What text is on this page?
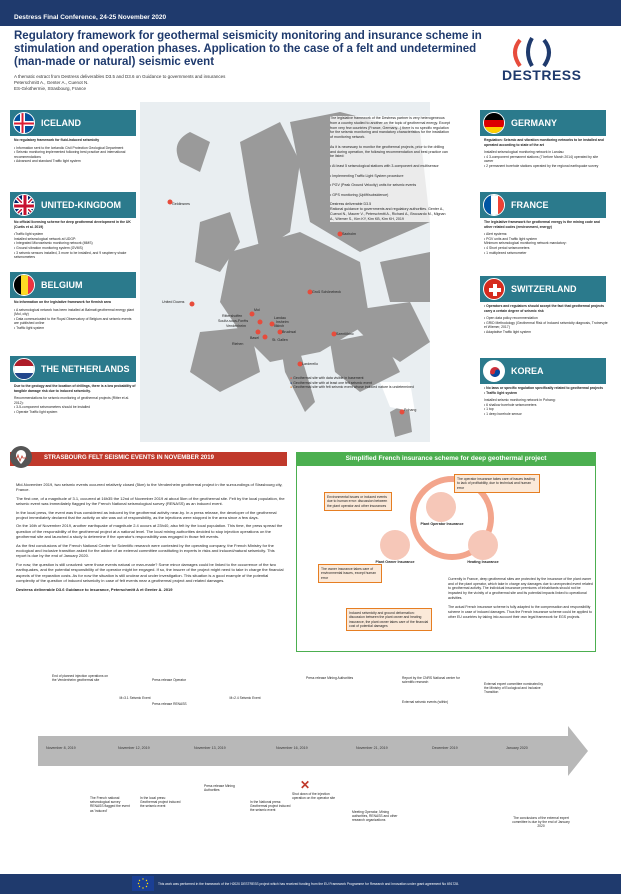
Destress Final Conference, 24-25 November 2020
Regulatory framework for geothermal seismicity monitoring and insurance scheme in stimulation and operation phases. Application to the case of a felt and undetermined (man-made or natural) seismic event
A thematic extract from Destress deliverables D3.5 and D3.6 on Guidance to governments and insurances
Peterschmitt A., Genter A., Cuenot N.
ES-Géothermie, Strasbourg, France
DESTRESS
ICELAND
No regulatory framework for fluid-induced seismicity
• Information sent to the Icelandic Civil Protection Geological Department
• Seismic monitoring implemented following best practice and international recommendations
• Advanced and standard Traffic light system
UNITED-KINGDOM
No official licensing scheme for deep geothermal development in the UK (Curtis et al. 2019)
•Traffic light system
Installed seismological network at UDGP:
• Integrated Microseismic monitoring network (MMS)
• Ground vibration monitoring system (GVMS)
• 3 seismic sensors installed, 3 more to be installed, and 9 raspberry shake seismometers
BELGIUM
No information on the legislative framework for flemish area
• A seismological network has been installed at Balmatt geothermal energy plant (Mol, city)
• Data communicated to the Royal Observatory of Belgium and seismic events are published online
• Traffic light system
THE NETHERLANDS
Due to the geology and the location of drillings, there is a low probability of tangible damage risk due to induced seismicity.
Recommendations for seismic monitoring of geothermal projects (Ritter et al. 2012):
• 3-5-component seismometers should be installed
• Operate Traffic light system
GERMANY
Regulation: Seismic and vibration monitoring networks to be installed and operated according to state of the art
Installed seismological monitoring network in Landau:
• 4 3-component permanent stations (7 before March 2014) operated by site owner
• 2 permanent borehole stations operated by the regional earthquake survey
FRANCE
The legislative framework for geothermal energy is the mining code and other related codes (environment, energy)
• Alert systems:
• PGV units and Traffic light system
Minimum seismological monitoring network mandatory:
• 4 Short period seismometers
• 1 multiplexed seismometer
SWITZERLAND
• Operators and regulators should accept the fact that geothermal projects carry a certain degree of seismic risk
• Open data policy recommendation
• GRID Methodology (Geothermal Risk of Induced seismicity diagnosis, Trutnevyte et Wiemer, 2017)
• Adaptative Traffic light system
KOREA
• No laws or specific regulation specifically related to geothermal projects
• Traffic light system
Installed seismic monitoring network in Pohang:
• 6 shallow borehole seismometers
• 1 top
• 1 deep borehole sensor
Geldinsnes
United Downs
Mol
Landau
Vendenheim	Illkirch
Rittershoffen
Soultz-sous-Forêts
Basel	St. Gallen
Riehen
Bruchsal
Insheim
Groß Schönebeck
Pohang
Larderello
Szentlőrinc
Saxholm
The legislative framework of the Destress partner is very heterogeneous from a country studied to another on the topic of geothermal energy. Except from very few countries (France, Germany...) there is no specific regulation for the seismic monitoring and mandatory characteristics for the installation of monitoring network.

As it is necessary to monitor the geothermal projects, prior to the drilling and during operation, the following recommendation and best practice can be listed:

• At least 5 seismological stations with 3-component and multisensor

• Implementing Traffic Light System procedure

• PGV (Peak Ground Velocity) units for seismic events

• GPS monitoring (Uplift/subsidence)

Destress deliverable D3.5
Rational guidance to governments and regulatory authorities. Genter A., Cuenot N., Maurer V., Peterschmitt A., Richard A., Broccardo M., Mignan A., Wiemer S., Kim KY, Kim KB, Kim KH, 2019
● Geothermal site with data visible in basement
● Geothermal site with at least one felt seismic event
● Geothermal site with felt seismic event whose induced nature is undetermined
STRASBOURG FELT SEISMIC EVENTS IN NOVEMBER 2019

Mid-November 2019, two seismic events occurred relatively closed (5km) to the Vendenheim geothermal project in the surroundings of Strasbourg city, France.

The first one, of a magnitude of 3.1, occurred at 16h35 the 12nd of November 2019 at about 5km of the geothermal site. Felt by the local population, the seismic event was immediately flagged by the French National seismological survey (RENASS) as an induced event.

In the local press, the event was thus considered as induced by the geothermal activity near-by. In a press release, the developer of the geothermal project immediately declared that the activity on site was out of responsibility, as the injections were stopped in the area since a few days.

On the 16th of November 2019, another earthquake of magnitude 2.4 occurs at 23h40, also felt by the local population. This time, the press spread the question of the responsibility of the geothermal project at a national level. The local mining authorities decided to stop injection operations on the geothermal site and launched a study to determine if the operator's responsibility was engaged in those felt events.

As the first conclusions of the French National Center for Scientific research were contested by the operating company, the French Ministry for the ecological and inclusive transition asked for the advice of an external committee constituting in experts in risks and induced/natural seismicity. This report is due by the end of January 2020.

For now, the question is still unsolved: were those events natural or man-made? Some minor damages could be linked to the occurrence of the two earthquakes, and the potential responsibility of the operator might be engaged. If so, the insurer of the project might need to take in charge the financial aspects of the reparation costs. As for now the situation is still unclear and under investigation. This situation is a good example of the potential complexity of the question of induced seismicity in case of felt events near a geothermal project and related damages.

Destress deliverable D3.6 Guidance to insurance, Peterschmitt A et Genter A. 2019

Simplified French insurance scheme for deep geothermal project
Plant Operator Insurance
Plant Owner Insurance	Heating Insurance
Environmental issues or induced events due to human error: discussion between the plant operator and other insurances
The operator insurance takes care of issues leading to lack of profitability, due to technical and human error
The owner insurance takes care of environmental issues, except human error
Induced seismicity and ground deformation: discussion between the plant owner and heating insurance, the plant owner takes care of the financial cost of potential damages
Currently in France, deep geothermal sites are protected by the insurance of the plant owner and of the plant operator, which take in charge any damages due to unexpected event related to geothermal activity. The individual insurance premiums of inhabitants should not be impacted by the vicinity of a geothermal site and its potential impacts linked to operational activities.

The actual French insurance scheme is fully adapted to the compensation and responsibility scheme in case of induced damages. Thus the French insurance scheme could be applied to other EU countries by taking into account their own legal framework for EGS projects.
November 8, 2019	November 12, 2019	November 13, 2019	November 16, 2019	November 21, 2019	December 2019	January 2020
End of planned injection operations on the Vendenheim geothermal site
M=3.1 Seismic Event
Press release Operator
Press release RENASS
M=2.4 Seismic Event
Press release Mining Authorities	Report by the CNRS National center for scientific research
External seismic events (within)
External expert committee nominated by the Ministry of Ecological and Inclusive Transition
The French national seismological survey RENASS flagged the event as 'induced'
In the local press: Geothermal project induced the seismic event
Press release Mining Authorities
In the National press: Geothermal project induced the seismic event
Shut down of the injection operation on the operator site
Meeting Operator, Mining authorities, RENASS and other research organizations
The conclusions of the external expert committee is due by the end of January 2020
✕
This work was performed in the framework of the H2020 DESTRESS project which has received funding from the EU Framework Programme for Research and Innovation under grant agreement No 691728.
